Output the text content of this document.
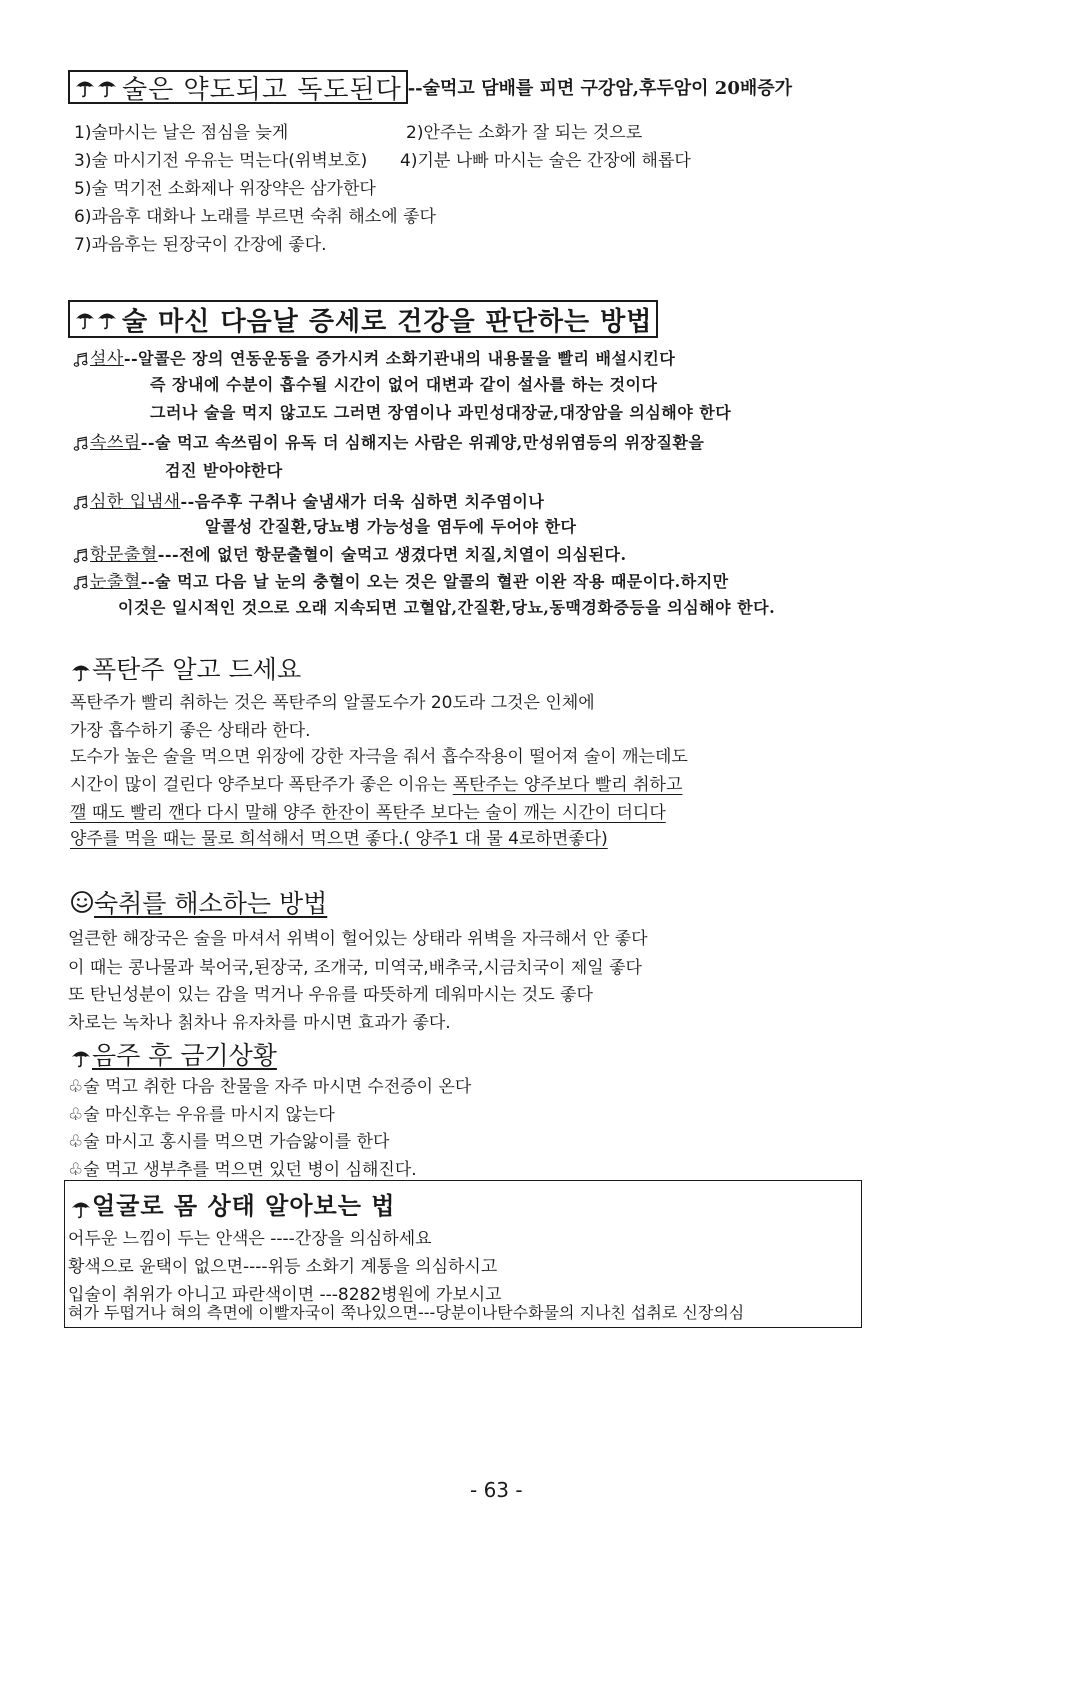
술은 약도되고 독도된다 --술먹고 담배를 피면 구강암,후두암이 20배증가
1)술마시는 날은 점심을 늦게	2)안주는 소화가 잘 되는 것으로
3)술 마시기전 우유는 먹는다(위벽보호) 4)기분 나빠 마시는 술은 간장에 해롭다
5)술 먹기전 소화제나 위장약은 삼가한다
6)과음후 대화나 노래를 부르면 숙취 해소에 좋다
7)과음후는 된장국이 간장에 좋다.
술 마신 다음날 증세로 건강을 판단하는 방법
설사--알콜은 장의 연동운동을 증가시켜 소화기관내의 내용물을 빨리 배설시킨다
즉 장내에 수분이 흡수될 시간이 없어 대변과 같이 설사를 하는 것이다
그러나 술을 먹지 않고도 그러면 장염이나 과민성대장균,대장암을 의심해야 한다
속쓰림--술 먹고 속쓰림이 유독 더 심해지는 사람은 위궤양,만성위염등의 위장질환을
검진 받아야한다
심한 입냄새--음주후 구취나 술냄새가 더욱 심하면 치주염이나
알콜성 간질환,당뇨병 가능성을 염두에 두어야 한다
항문출혈---전에 없던 항문출혈이 술먹고 생겼다면 치질,치열이 의심된다.
눈출혈--술 먹고 다음 날 눈의 충혈이 오는 것은 알콜의 혈관 이완 작용 때문이다.하지만
이것은 일시적인 것으로 오래 지속되면 고혈압,간질환,당뇨,동맥경화증등을 의심해야 한다.
폭탄주 알고 드세요
폭탄주가 빨리 취하는 것은 폭탄주의 알콜도수가 20도라 그것은 인체에
가장 흡수하기 좋은 상태라 한다.
도수가 높은 술을 먹으면 위장에 강한 자극을 줘서 흡수작용이 떨어져 술이 깨는데도
시간이 많이 걸린다 양주보다 폭탄주가 좋은 이유는 폭탄주는 양주보다 빨리 취하고
깰 때도 빨리 깬다 다시 말해 양주 한잔이 폭탄주 보다는 술이 깨는 시간이 더디다
양주를 먹을 때는 물로 희석해서 먹으면 좋다.( 양주1 대 물 4로하면좋다)
숙취를 해소하는 방법
얼큰한 해장국은 술을 마셔서 위벽이 헐어있는 상태라 위벽을 자극해서 안 좋다
이 때는 콩나물과 북어국,된장국, 조개국, 미역국,배추국,시금치국이 제일 좋다
또 탄닌성분이 있는 감을 먹거나 우유를 따뜻하게 데워마시는 것도 좋다
차로는 녹차나 칡차나 유자차를 마시면 효과가 좋다.
음주 후 금기상황
♧술 먹고 취한 다음 찬물을 자주 마시면 수전증이 온다
♧술 마신후는 우유를 마시지 않는다
♧술 마시고 홍시를 먹으면 가슴앓이를 한다
♧술 먹고 생부추를 먹으면 있던 병이 심해진다.
얼굴로 몸 상태 알아보는 법
어두운 느낌이 두는 안색은 ----간장을 의심하세요
황색으로 윤택이 없으면----위등 소화기 계통을 의심하시고
입술이 취위가 아니고 파란색이면 ---8282병원에 가보시고
혀가 두떱거나 혀의 측면에 이빨자국이 쭉나있으면---당분이나탄수화물의 지나친 섭취로 신장의심
- 63 -
